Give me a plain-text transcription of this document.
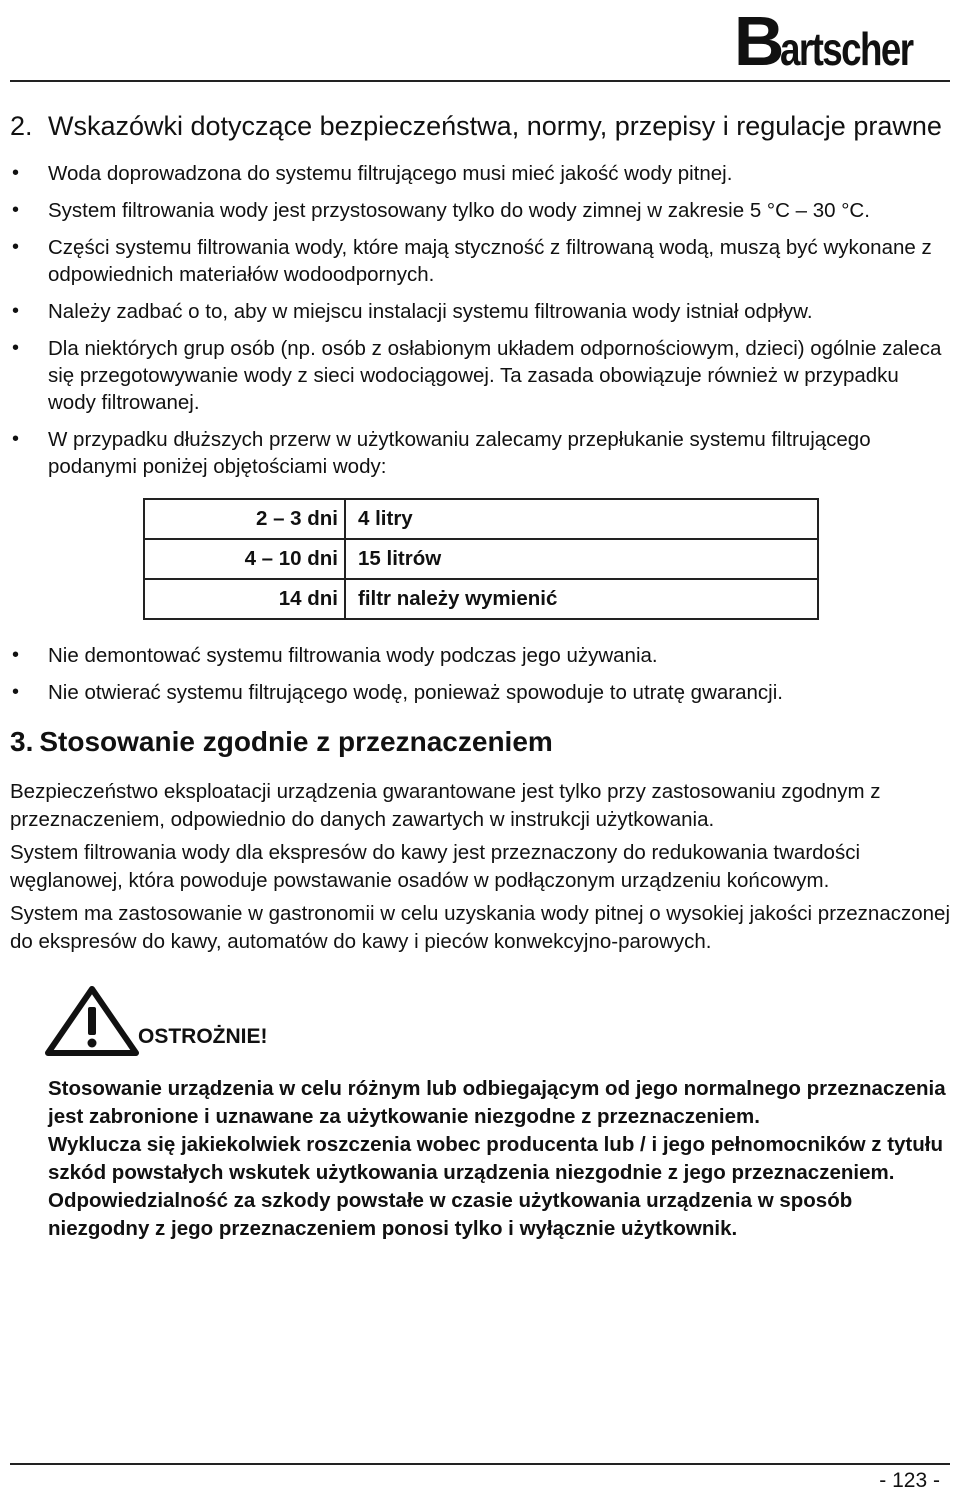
B
artscher
2. Wskazówki dotyczące bezpieczeństwa, normy, przepisy i regulacje prawne
• Woda doprowadzona do systemu filtrującego musi mieć jakość wody pitnej.
• System filtrowania wody jest przystosowany tylko do wody zimnej w zakresie 5 °C – 30 °C.
• Części systemu filtrowania wody, które mają styczność z filtrowaną wodą, muszą być wykonane z odpowiednich materiałów wodoodpornych.
• Należy zadbać o to, aby w miejscu instalacji systemu filtrowania wody istniał odpływ.
• Dla niektórych grup osób (np. osób z osłabionym układem odpornościowym, dzieci) ogólnie zaleca się przegotowywanie wody z sieci wodociągowej. Ta zasada obowiązuje również w przypadku wody filtrowanej.
• W przypadku dłuższych przerw w użytkowaniu zalecamy przepłukanie systemu filtrującego podanymi poniżej objętościami wody:
2 – 3 dni	4 litry
4 – 10 dni	15 litrów
14 dni	filtr należy wymienić
• Nie demontować systemu filtrowania wody podczas jego używania.
• Nie otwierać systemu filtrującego wodę, ponieważ spowoduje to utratę gwarancji.
3. Stosowanie zgodnie z przeznaczeniem

Bezpieczeństwo eksploatacji urządzenia gwarantowane jest tylko przy zastosowaniu zgodnym z przeznaczeniem, odpowiednio do danych zawartych w instrukcji użytkowania.

System filtrowania wody dla ekspresów do kawy jest przeznaczony do redukowania twardości węglanowej, która powoduje powstawanie osadów w podłączonym urządzeniu końcowym.

System ma zastosowanie w gastronomii w celu uzyskania wody pitnej o wysokiej jakości przeznaczonej do ekspresów do kawy, automatów do kawy i pieców konwekcyjno-parowych.

OSTROŻNIE!

Stosowanie urządzenia w celu różnym lub odbiegającym od jego normalnego przeznaczenia jest zabronione i uznawane za użytkowanie niezgodne z przeznaczeniem.

Wyklucza się jakiekolwiek roszczenia wobec producenta lub / i jego pełnomocników z tytułu szkód powstałych wskutek użytkowania urządzenia niezgodnie z jego przeznaczeniem.

Odpowiedzialność za szkody powstałe w czasie użytkowania urządzenia w sposób niezgodny z jego przeznaczeniem ponosi tylko i wyłącznie użytkownik.

- 123 -
